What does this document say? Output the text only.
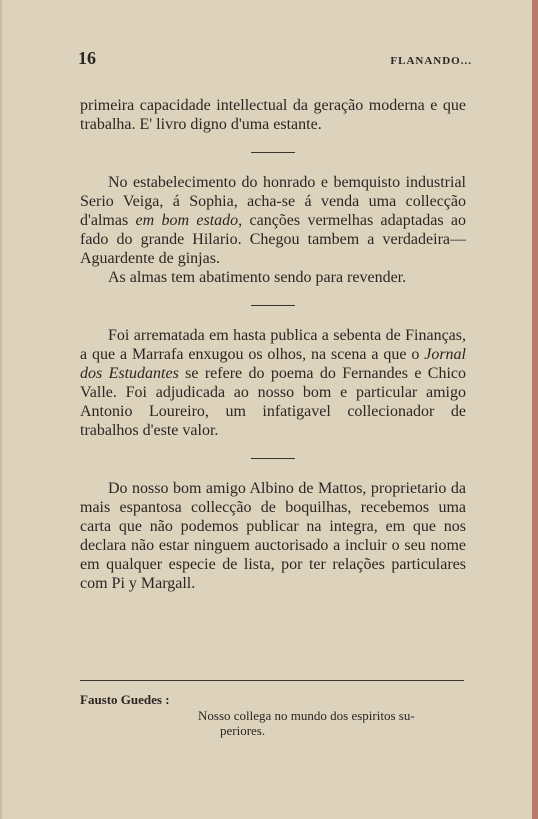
16	FLANANDO...

primeira capacidade intellectual da geração moderna e que trabalha. E' livro digno d'uma estante.

No estabelecimento do honrado e bemquisto industrial Serio Veiga, á Sophia, acha-se á venda uma collecção d'almas em bom estado, canções vermelhas adaptadas ao fado do grande Hilario. Chegou tambem a verdadeira—Aguardente de ginjas.

As almas tem abatimento sendo para revender.

Foi arrematada em hasta publica a sebenta de Finanças, a que a Marrafa enxugou os olhos, na scena a que o Jornal dos Estudantes se refere do poema do Fernandes e Chico Valle. Foi adjudicada ao nosso bom e particular amigo Antonio Loureiro, um infatigavel collecionador de trabalhos d'este valor.

Do nosso bom amigo Albino de Mattos, proprietario da mais espantosa collecção de boquilhas, recebemos uma carta que não podemos publicar na integra, em que nos declara não estar ninguem auctorisado a incluir o seu nome em qualquer especie de lista, por ter relações particulares com Pi y Margall.

Fausto Guedes :
Nosso collega no mundo dos espiritos su-
periores.
